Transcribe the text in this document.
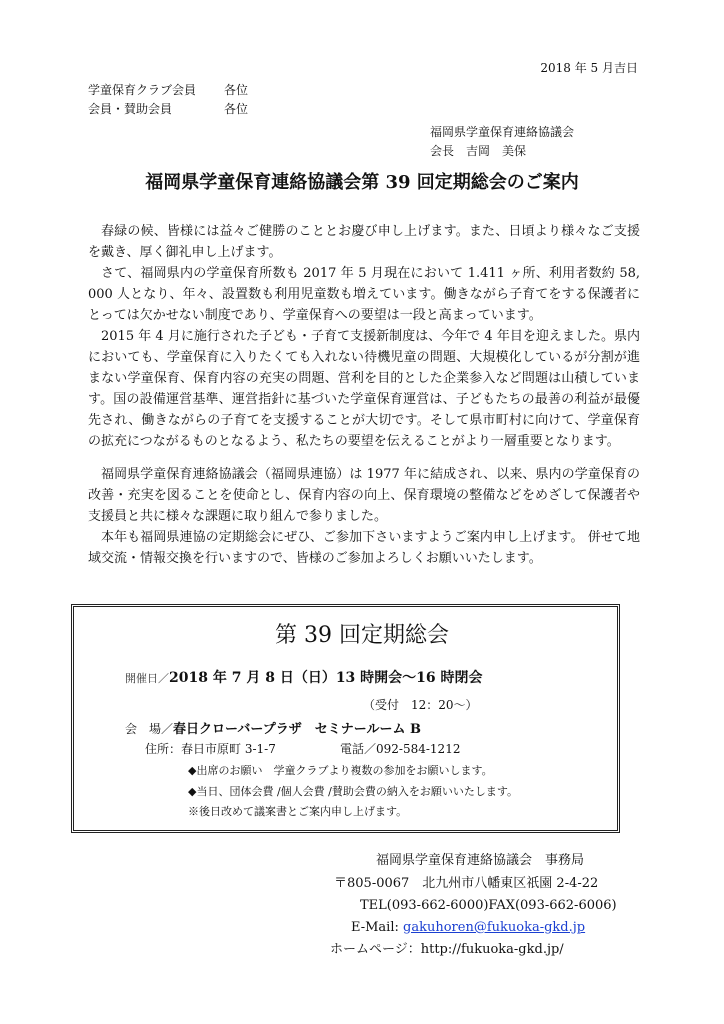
2018 年 5 月吉日
学童保育クラブ会員 各位
会員・賛助会員	各位
福岡県学童保育連絡協議会
会長　吉岡　美保
福岡県学童保育連絡協議会第 39 回定期総会のご案内

春緑の候、皆様には益々ご健勝のこととお慶び申し上げます。また、日頃より様々なご支援を戴き、厚く御礼申し上げます。

さて、福岡県内の学童保育所数も 2017 年 5 月現在において 1.411 ヶ所、利用者数約 58, 000 人となり、年々、設置数も利用児童数も増えています。働きながら子育てをする保護者にとっては欠かせない制度であり、学童保育への要望は一段と高まっています。

2015 年 4 月に施行された子ども・子育て支援新制度は、今年で 4 年目を迎えました。県内においても、学童保育に入りたくても入れない待機児童の問題、大規模化しているが分割が進まない学童保育、保育内容の充実の問題、営利を目的とした企業参入など問題は山積しています。国の設備運営基準、運営指針に基づいた学童保育運営は、子どもたちの最善の利益が最優先され、働きながらの子育てを支援することが大切です。そして県市町村に向けて、学童保育の拡充につながるものとなるよう、私たちの要望を伝えることがより一層重要となります。

福岡県学童保育連絡協議会（福岡県連協）は 1977 年に結成され、以来、県内の学童保育の改善・充実を図ることを使命とし、保育内容の向上、保育環境の整備などをめざして保護者や支援員と共に様々な課題に取り組んで参りました。

本年も福岡県連協の定期総会にぜひ、ご参加下さいますようご案内申し上げます。 併せて地域交流・情報交換を行いますので、皆様のご参加よろしくお願いいたします。

第 39 回定期総会
開催日／2018 年 7 月 8 日（日）13 時開会～16 時閉会
（受付　12：20～）
会　場／春日クローバープラザ　セミナールーム B
住所：春日市原町 3-1-7	電話／092-584-1212
◆出席のお願い　学童クラブより複数の参加をお願いします。
◆当日、団体会費 /個人会費 /賛助会費の納入をお願いいたします。
※後日改めて議案書とご案内申し上げます。
福岡県学童保育連絡協議会　事務局
〒805-0067　北九州市八幡東区祇園 2-4-22
TEL(093-662-6000)FAX(093-662-6006)
E-Mail: gakuhoren@fukuoka-gkd.jp
ホームページ：http://fukuoka-gkd.jp/
